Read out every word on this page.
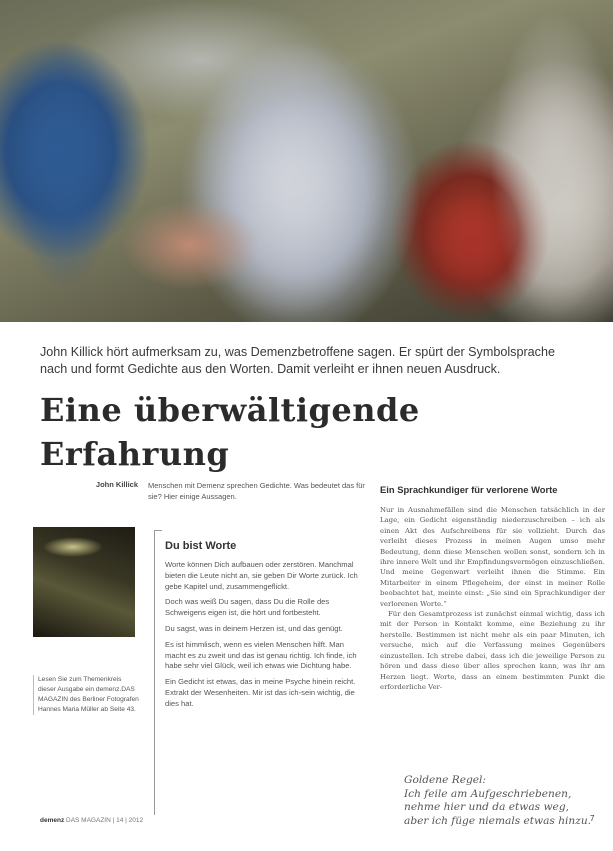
John Killick hört aufmerksam zu, was Demenzbetroffene sagen. Er spürt der Symbolsprache
nach und formt Gedichte aus den Worten. Damit verleiht er ihnen neuen Ausdruck.

Eine überwältigende Erfahrung
John Killick Menschen mit Demenz sprechen Gedichte. Was bedeutet das für sie? Hier einige Aussagen.

Lesen Sie zum Themenkreis dieser Ausgabe ein demenz.DAS MAGAZIN des Berliner Fotografen Hannes Maria Müller ab Seite 43.

Du bist Worte

Worte können Dich aufbauen oder zerstören. Manchmal bieten die Leute nicht an, sie geben Dir Worte zurück. Ich gebe Kapitel und, zusammengeflickt.

Doch was weiß Du sagen, dass Du die Rolle des Schweigens eigen ist, die hört und fortbesteht.

Du sagst, was in deinem Herzen ist, und das genügt.

Es ist himmlisch, wenn es vielen Menschen hilft. Man macht es zu zweit und das ist genau richtig. Ich finde, ich habe sehr viel Glück, weil ich etwas wie Dichtung habe.

Ein Gedicht ist etwas, das in meine Psyche hinein reicht. Extrakt der Wesenheiten. Mir ist das ich-sein wichtig, die dies hat.

Ein Sprachkundiger für verlorene Worte

Nur in Ausnahmefällen sind die Menschen tatsächlich in der Lage, ein Gedicht eigenständig niederzuschreiben – ich als einen Akt des Aufschreibens für sie vollzieht. Durch das verleiht dieses Prozess in meinen Augen umso mehr Bedeutung, denn diese Menschen wollen sonst, sondern ich in ihre innere Welt und ihr Empfindungsvermögen einzuschließen. Und meine Gegenwart verleiht ihnen die Stimme. Ein Mitarbeiter in einem Pflegeheim, der einst in meiner Rolle beobachtet hat, meinte einst: „Sie sind ein Sprachkundiger der verlorenen Worte.“

Für den Gesamtprozess ist zunächst einmal wichtig, dass ich mit der Person in Kontakt komme, eine Beziehung zu ihr herstelle. Bestimmen ist nicht mehr als ein paar Minuten, ich versuche, mich auf die Verfassung meines Gegenübers einzustellen. Ich strebe dabei, dass ich die jeweilige Person zu hören und dass diese über alles sprechen kann, was ihr am Herzen liegt. Worte, dass an einem bestimmten Punkt die erforderliche Ver-

Goldene Regel:
Ich feile am Aufgeschriebenen,
nehme hier und da etwas weg,
aber ich füge niemals etwas hinzu.
demenz DAS MAGAZIN | 14 | 2012	7
